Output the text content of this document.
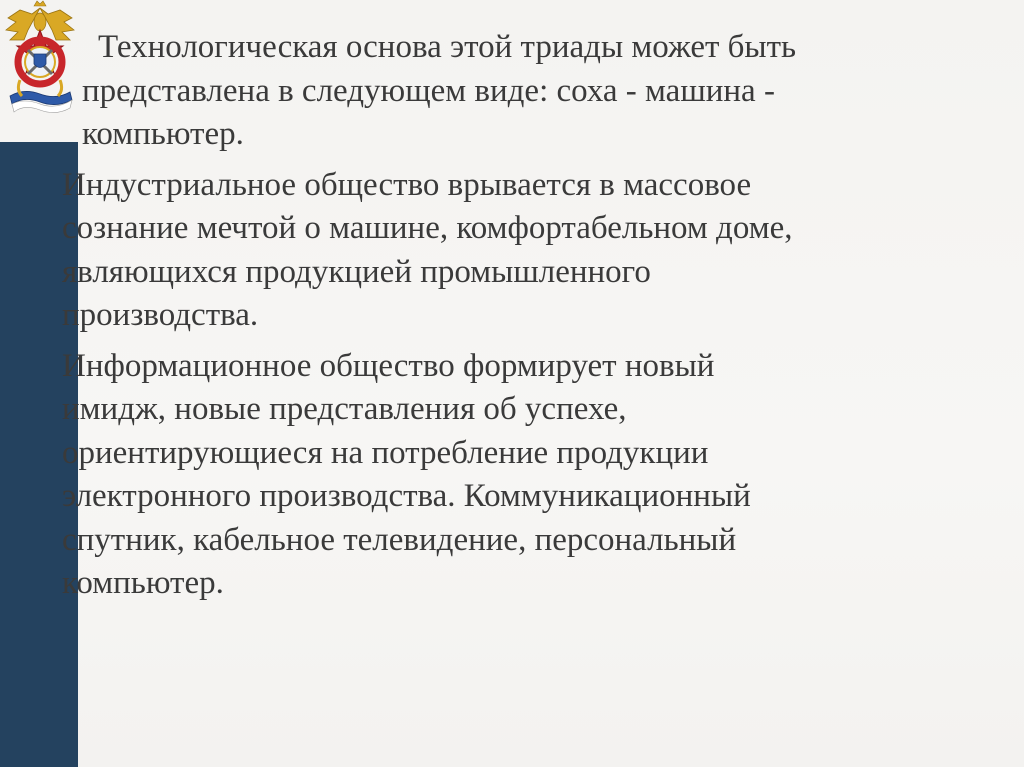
Технологическая основа этой триады может быть
представлена в следующем виде: соха - машина -
компьютер.

Индустриальное общество врывается в массовое
сознание мечтой о машине, комфортабельном доме,
являющихся продукцией промышленного
производства.

Информационное общество формирует новый
имидж, новые представления об успехе,
ориентирующиеся на потребление продукции
электронного производства. Коммуникационный
спутник, кабельное телевидение, персональный
компьютер.
